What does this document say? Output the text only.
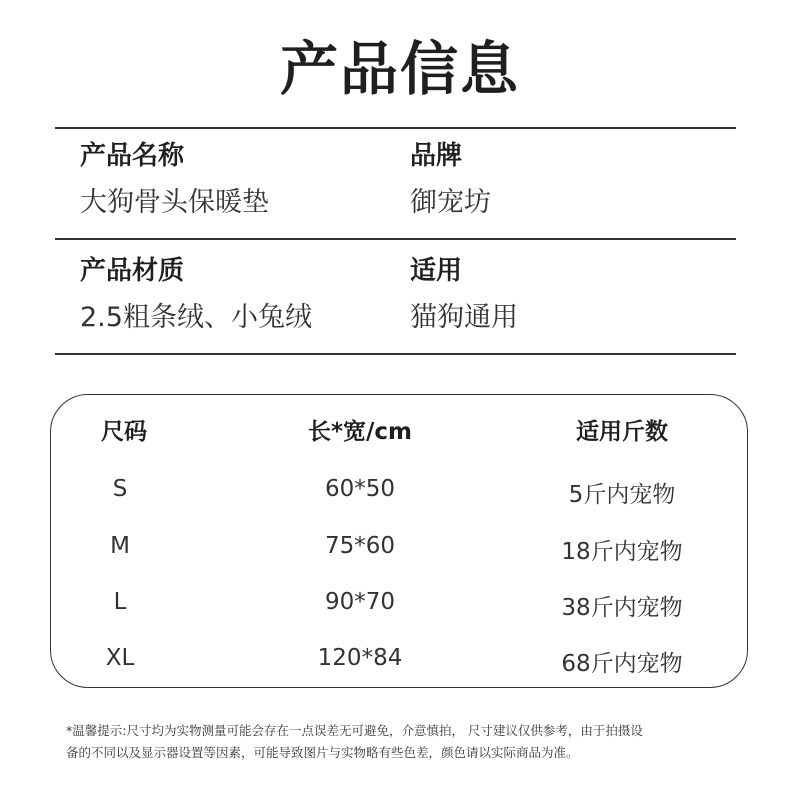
产品信息
产品名称
大狗骨头保暖垫
品牌
御宠坊
产品材质
2.5粗条绒、小兔绒
适用
猫狗通用
尺码	长*宽/cm	适用斤数
S	60*50	5斤内宠物
M	75*60	18斤内宠物
L	90*70	38斤内宠物
XL	120*84	68斤内宠物
*温馨提示:尺寸均为实物测量可能会存在一点误差无可避免，介意慎拍， 尺寸建议仅供参考，由于拍摄设
备的不同以及显示器设置等因素，可能导致图片与实物略有些色差，颜色请以实际商品为准。
